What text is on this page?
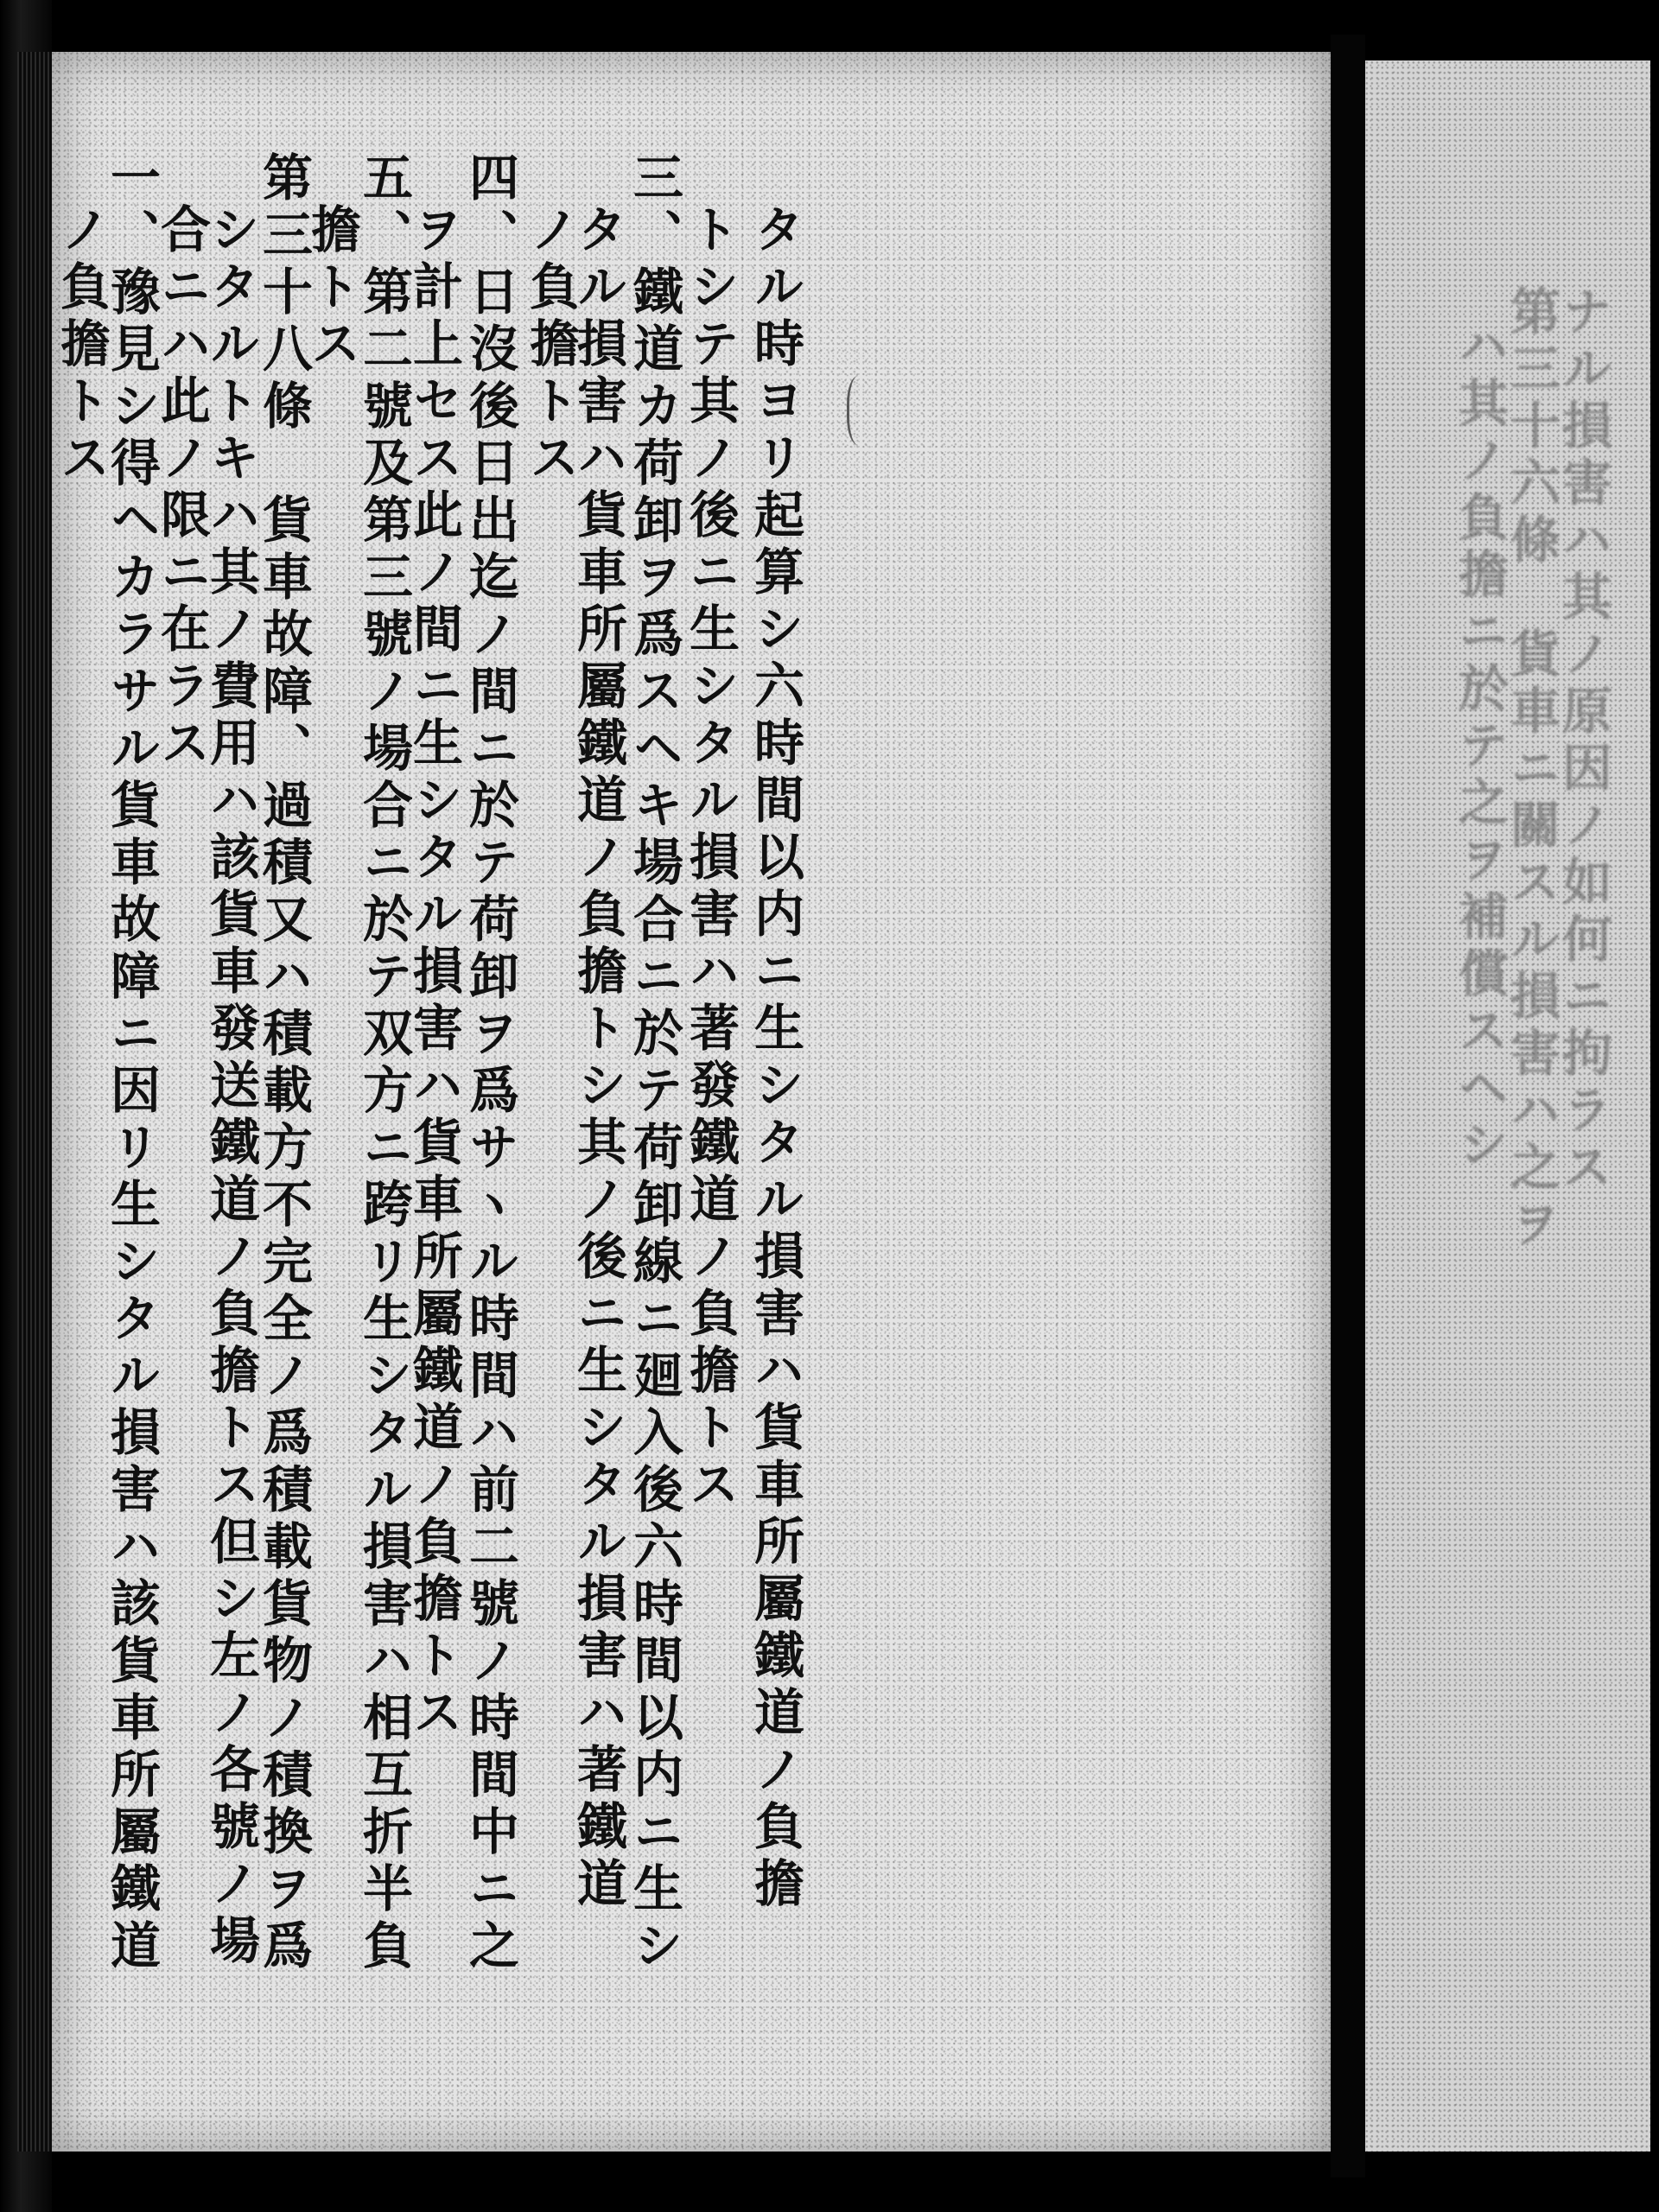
タル時ヨリ起算シ六時間以内ニ生シタル損害ハ貨車所屬鐵道ノ負擔

トシテ其ノ後ニ生シタル損害ハ著發鐵道ノ負擔トス

三、鐵道カ荷卸ヲ爲スヘキ場合ニ於テ荷卸線ニ廻入後六時間以内ニ生シ

タル損害ハ貨車所屬鐵道ノ負擔トシ其ノ後ニ生シタル損害ハ著鐵道

ノ負擔トス

四、日沒後日出迄ノ間ニ於テ荷卸ヲ爲サヽル時間ハ前二號ノ時間中ニ之

ヲ計上セス此ノ間ニ生シタル損害ハ貨車所屬鐵道ノ負擔トス

五、第二號及第三號ノ場合ニ於テ双方ニ跨リ生シタル損害ハ相互折半負

擔トス

第三十八條　貨車故障、過積又ハ積載方不完全ノ爲積載貨物ノ積換ヲ爲

シタルトキハ其ノ費用ハ該貨車發送鐵道ノ負擔トス但シ左ノ各號ノ場

合ニハ此ノ限ニ在ラス

一、豫見シ得ヘカラサル貨車故障ニ因リ生シタル損害ハ該貨車所屬鐵道

ノ負擔トス	ナル損害ハ其ノ原因ノ如何ニ拘ラス

第三十六條　貨車ニ關スル損害ハ之ヲ

ハ其ノ負擔ニ於テ之ヲ補償スヘシ
